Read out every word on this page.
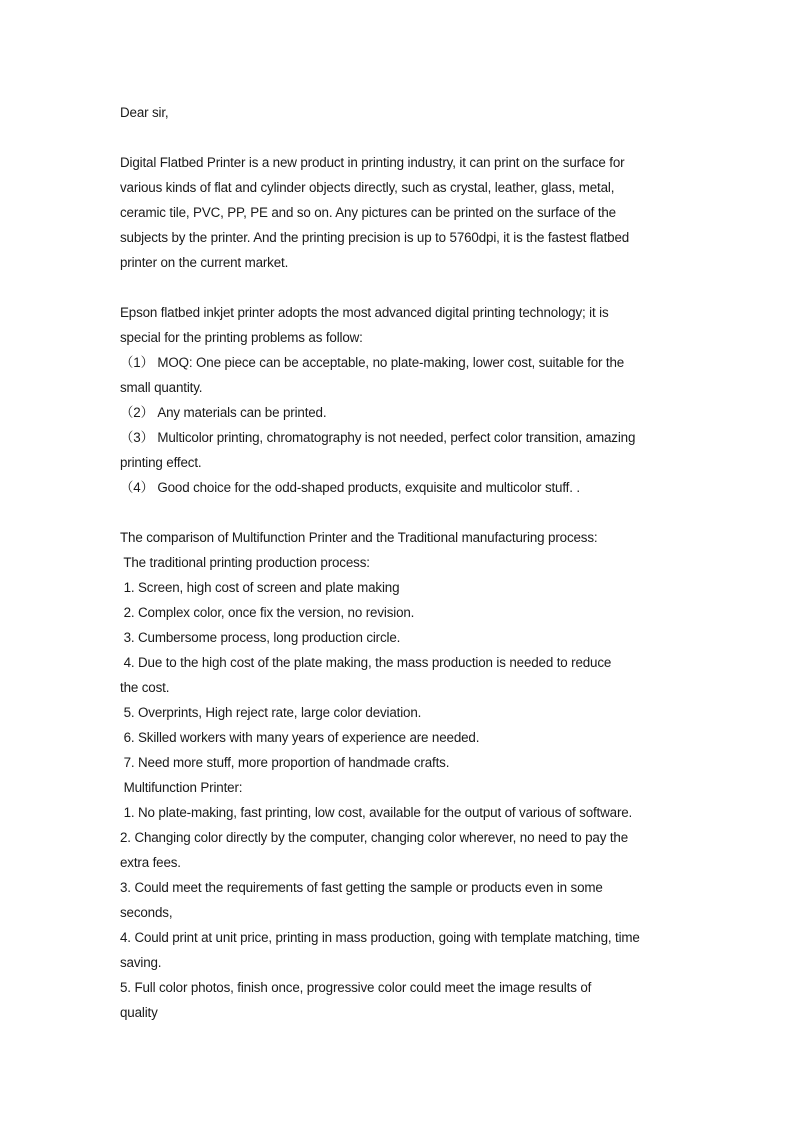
Dear sir,
Digital Flatbed Printer is a new product in printing industry, it can print on the surface for
various kinds of flat and cylinder objects directly, such as crystal, leather, glass, metal,
ceramic tile, PVC, PP, PE and so on. Any pictures can be printed on the surface of the
subjects by the printer. And the printing precision is up to 5760dpi, it is the fastest flatbed
printer on the current market.
Epson flatbed inkjet printer adopts the most advanced digital printing technology; it is
special for the printing problems as follow:
（1） MOQ: One piece can be acceptable, no plate-making, lower cost, suitable for the
small quantity.
（2） Any materials can be printed.
（3） Multicolor printing, chromatography is not needed, perfect color transition, amazing
printing effect.
（4） Good choice for the odd-shaped products, exquisite and multicolor stuff. .
The comparison of Multifunction Printer and the Traditional manufacturing process:
The traditional printing production process:
1. Screen, high cost of screen and plate making
2. Complex color, once fix the version, no revision.
3. Cumbersome process, long production circle.
4. Due to the high cost of the plate making, the mass production is needed to reduce
the cost.
5. Overprints, High reject rate, large color deviation.
6. Skilled workers with many years of experience are needed.
7. Need more stuff, more proportion of handmade crafts.
Multifunction Printer:
1. No plate-making, fast printing, low cost, available for the output of various of software.
2. Changing color directly by the computer, changing color wherever, no need to pay the
extra fees.
3. Could meet the requirements of fast getting the sample or products even in some
seconds,
4. Could print at unit price, printing in mass production, going with template matching, time
saving.
5. Full color photos, finish once, progressive color could meet the image results of
quality
